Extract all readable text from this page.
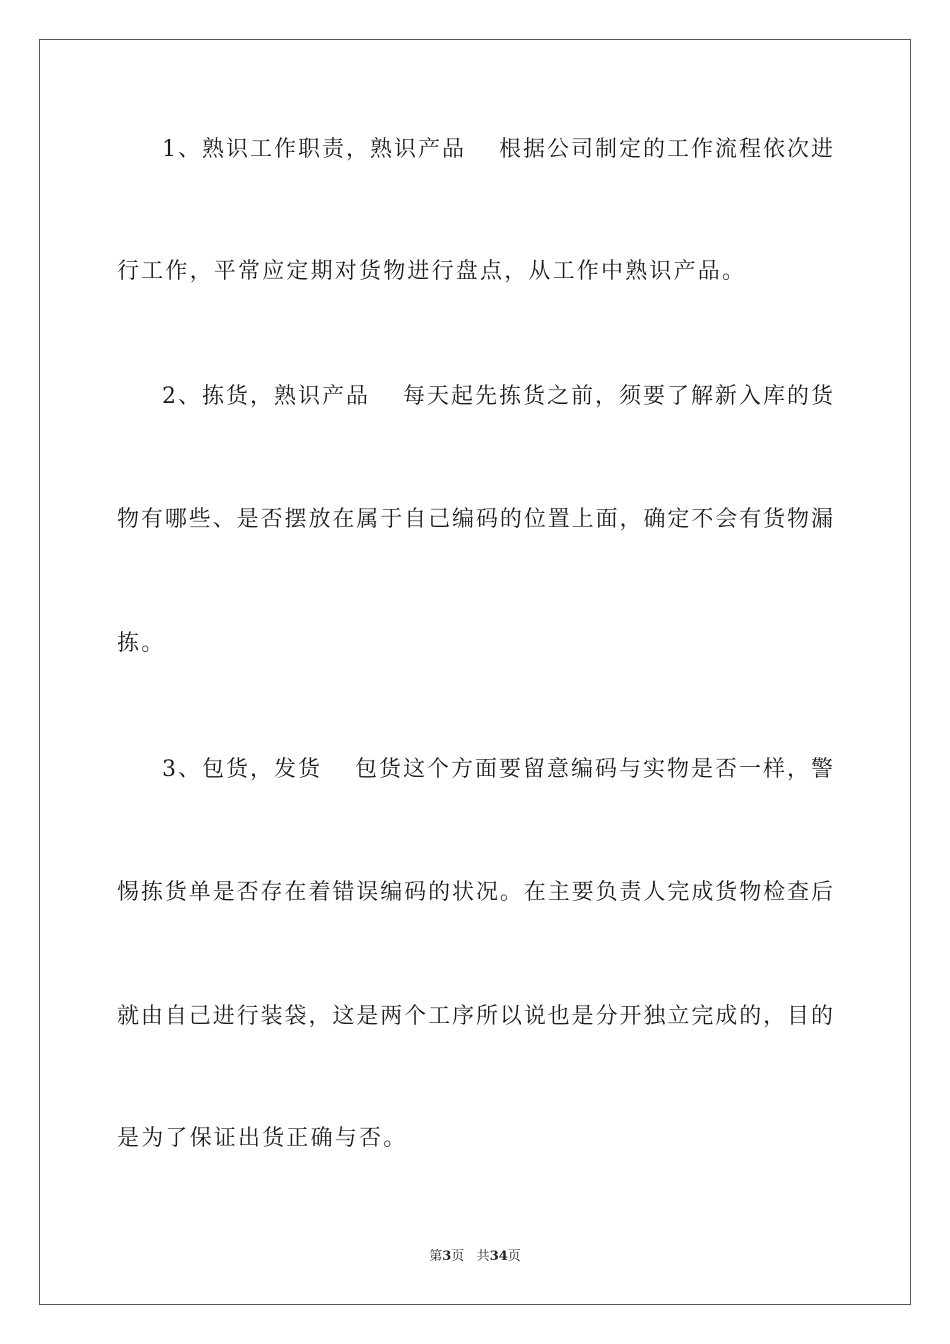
1、熟识工作职责，熟识产品　 根据公司制定的工作流程依次进
行工作，平常应定期对货物进行盘点，从工作中熟识产品。
2、拣货，熟识产品　 每天起先拣货之前，须要了解新入库的货
物有哪些、是否摆放在属于自己编码的位置上面，确定不会有货物漏
拣。
3、包货，发货　 包货这个方面要留意编码与实物是否一样，警
惕拣货单是否存在着错误编码的状况。在主要负责人完成货物检查后
就由自己进行装袋，这是两个工序所以说也是分开独立完成的，目的
是为了保证出货正确与否。
第3页 共34页
